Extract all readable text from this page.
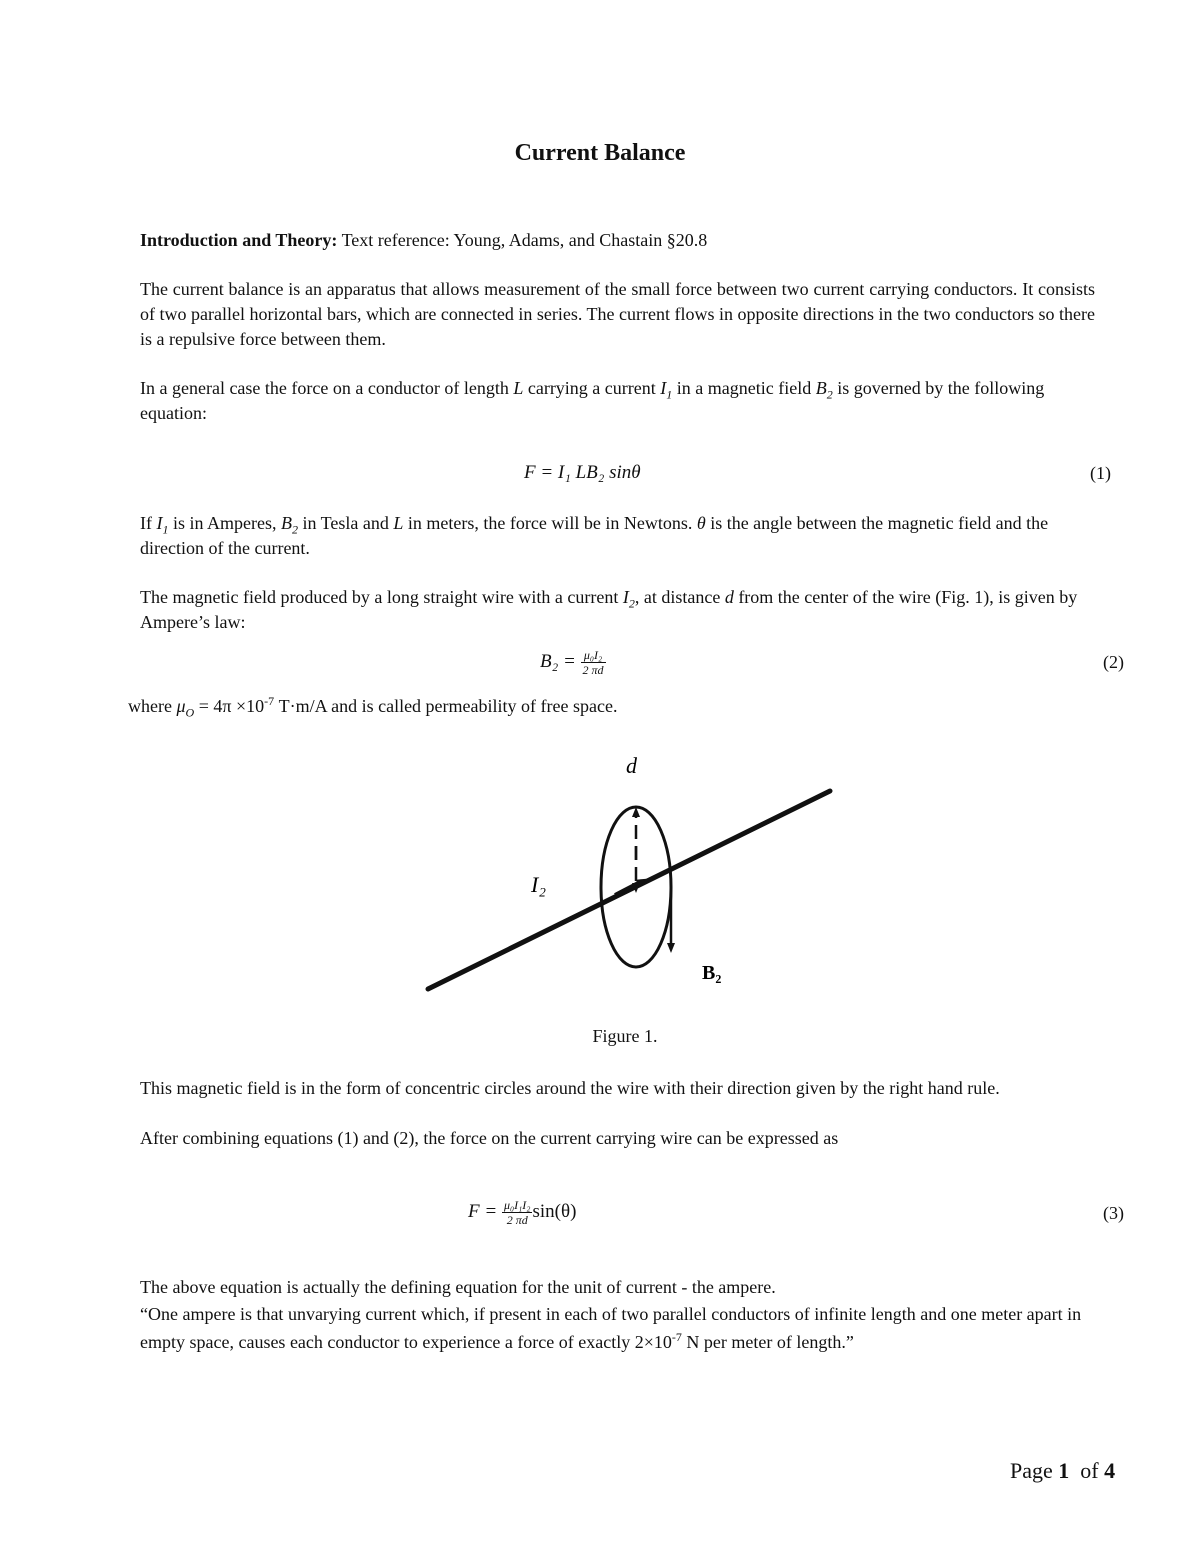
Current Balance

Introduction and Theory: Text reference: Young, Adams, and Chastain §20.8

The current balance is an apparatus that allows measurement of the small force between two current carrying conductors. It consists of two parallel horizontal bars, which are connected in series. The current flows in opposite directions in the two conductors so there is a repulsive force between them.

In a general case the force on a conductor of length L carrying a current $I_1$ in a magnetic field $B_2$ is governed by the following equation:

F = I₁ LB₂ sinθ	(1)

If $I_1$ is in Amperes, $B_2$ in Tesla and L in meters, the force will be in Newtons. θ is the angle between the magnetic field and the direction of the current.

The magnetic field produced by a long straight wire with a current $I_2$, at distance d from the center of the wire (Fig. 1), is given by Ampere’s law:

$B_2 = \frac{\text{μ₀I₂}}{2 \pi d}$	(2)

where $\mu_O = 4\pi \times 10^{-7}$ T·m/A and is called permeability of free space.

d
I₂
B₂
Figure 1.

This magnetic field is in the form of concentric circles around the wire with their direction given by the right hand rule.

After combining equations (1) and (2), the force on the current carrying wire can be expressed as

$F = \frac{\text{μ₀I₁I₂}}{2 \pi d} \sin(\theta)$	(3)

The above equation is actually the defining equation for the unit of current - the ampere.

“One ampere is that unvarying current which, if present in each of two parallel conductors of infinite length and one meter apart in empty space, causes each conductor to experience a force of exactly $2\times 10^{-7}$ N per meter of length.”

Page 1 of 4
